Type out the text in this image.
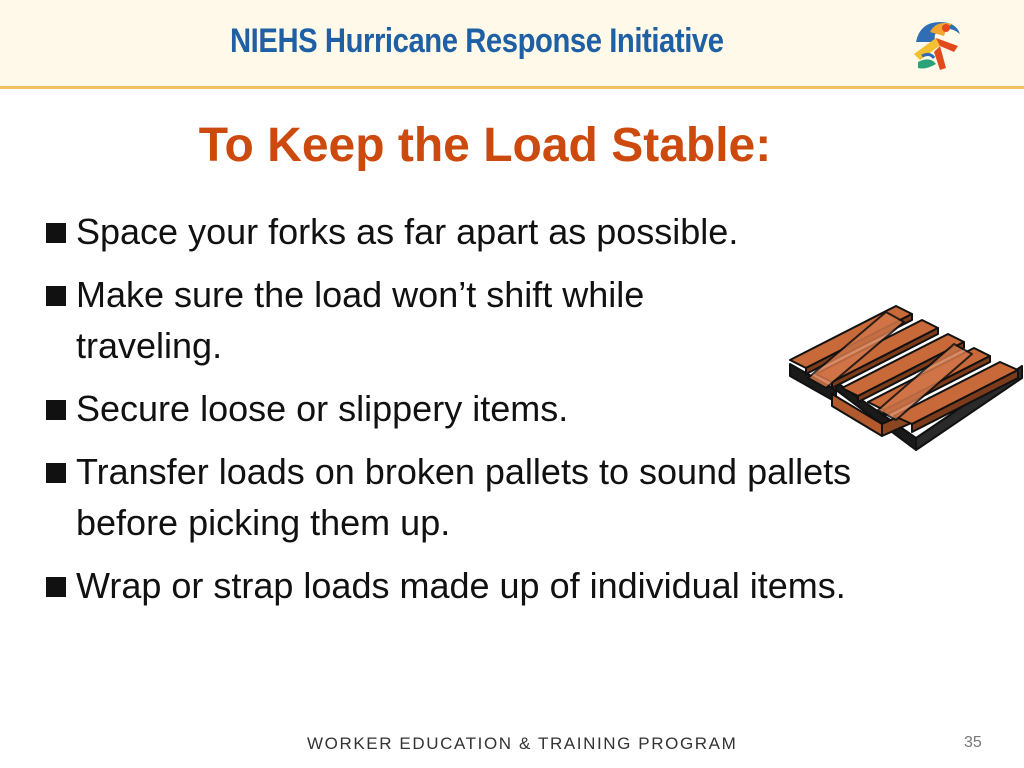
NIEHS Hurricane Response Initiative
To Keep the Load Stable:
Space your forks as far apart as possible.
Make sure the load won’t shift while traveling.
Secure loose or slippery items.
Transfer loads on broken pallets to sound pallets before picking them up.
Wrap or strap loads made up of individual items.
WORKER EDUCATION & TRAINING PROGRAM	35
